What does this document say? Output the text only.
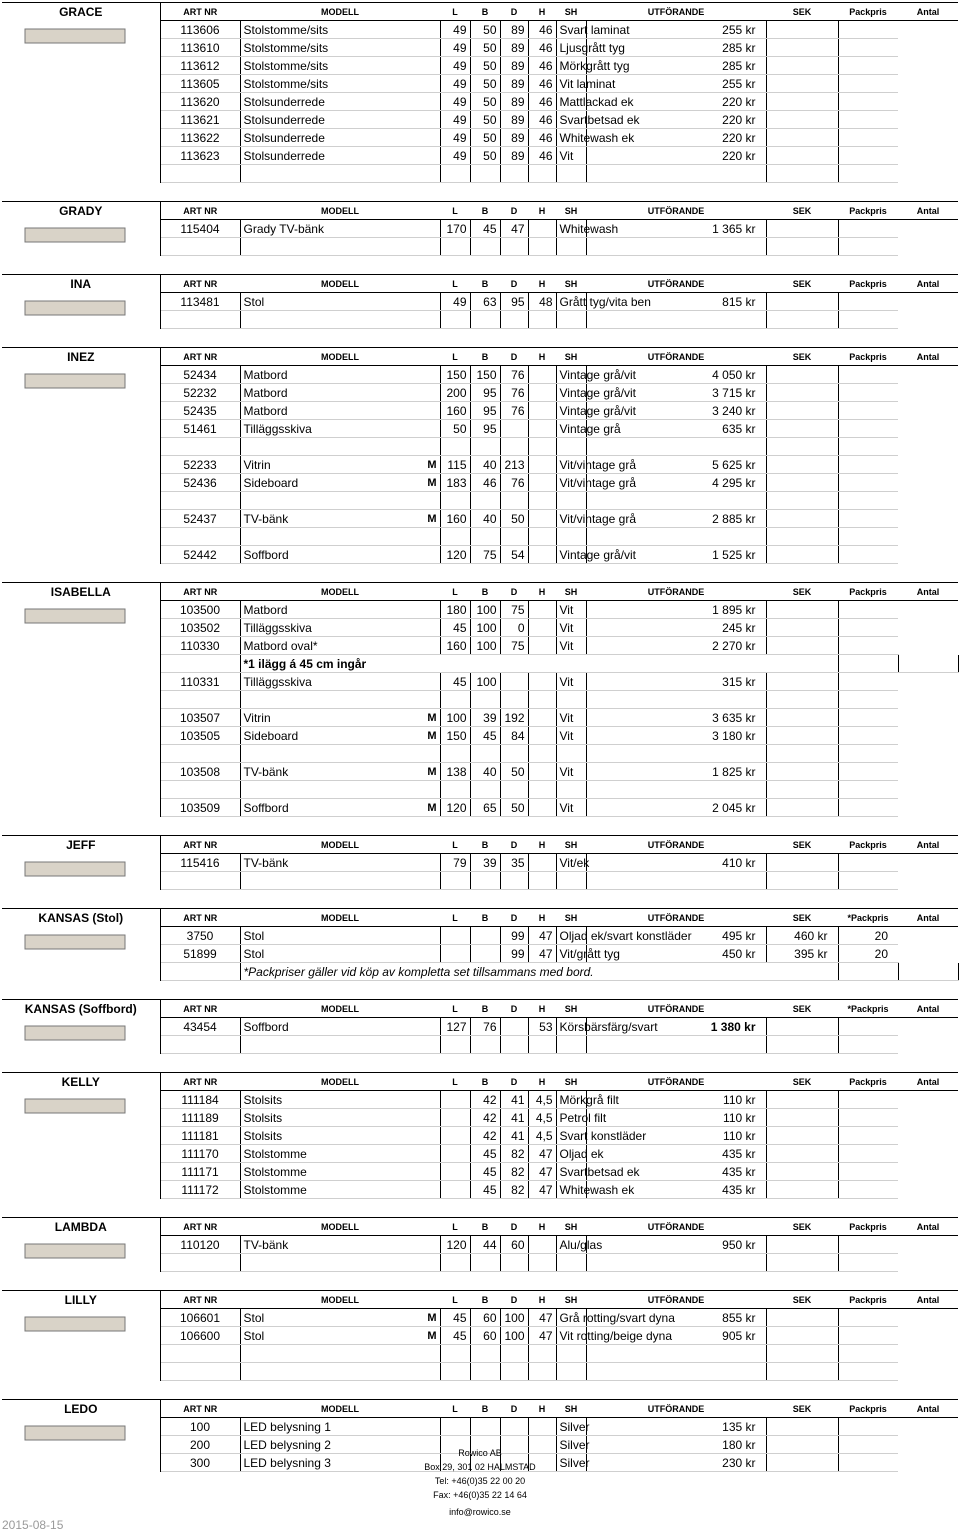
GRACE	ART NR	MODELL	L	B	D	H	SH	UTFÖRANDE	SEK	Packpris	Antal
	113606	Stolstomme/sits	49	50	89	46	Svart laminat	255 kr			
	113610	Stolstomme/sits	49	50	89	46	Ljusgrått tyg	285 kr			
	113612	Stolstomme/sits	49	50	89	46	Mörkgrått tyg	285 kr			
	113605	Stolstomme/sits	49	50	89	46	Vit laminat	255 kr			
	113620	Stolsunderrede	49	50	89	46	Mattlackad ek	220 kr			
	113621	Stolsunderrede	49	50	89	46	Svartbetsad ek	220 kr			
	113622	Stolsunderrede	49	50	89	46	Whitewash ek	220 kr			
	113623	Stolsunderrede	49	50	89	46	Vit	220 kr			

GRADY	ART NR	MODELL	L	B	D	H	SH	UTFÖRANDE	SEK	Packpris	Antal
	115404	Grady TV-bänk	170	45	47		Whitewash	1 365 kr			

INA	ART NR	MODELL	L	B	D	H	SH	UTFÖRANDE	SEK	Packpris	Antal
	113481	Stol	49	63	95	48	Grått tyg/vita ben	815 kr			

INEZ	ART NR	MODELL	L	B	D	H	SH	UTFÖRANDE	SEK	Packpris	Antal
	52434	Matbord	150	150	76		Vintage grå/vit	4 050 kr			
	52232	Matbord	200	95	76		Vintage grå/vit	3 715 kr			
	52435	Matbord	160	95	76		Vintage grå/vit	3 240 kr			
	51461	Tilläggsskiva	50	95			Vintage grå	635 kr			

	52233	Vitrin M	115	40	213		Vit/vintage grå	5 625 kr			
	52436	Sideboard M	183	46	76		Vit/vintage grå	4 295 kr			

	52437	TV-bänk M	160	40	50		Vit/vintage grå	2 885 kr			

	52442	Soffbord	120	75	54		Vintage grå/vit	1 525 kr			
ISABELLA	ART NR	MODELL	L	B	D	H	SH	UTFÖRANDE	SEK	Packpris	Antal	
	103500	Matbord	180	100	75		Vit	1 895 kr				
	103502	Tilläggsskiva	45	100	0		Vit	245 kr				
	110330	Matbord oval*	160	100	75		Vit	2 270 kr				
		*1 ilägg á 45 cm ingår										
	110331	Tilläggsskiva	45	100			Vit	315 kr				

	103507	Vitrin M	100	39	192		Vit	3 635 kr				
	103505	Sideboard M	150	45	84		Vit	3 180 kr				

	103508	TV-bänk M	138	40	50		Vit	1 825 kr				

	103509	Soffbord M	120	65	50		Vit	2 045 kr				
JEFF	ART NR	MODELL	L	B	D	H	SH	UTFÖRANDE	SEK	Packpris	Antal
	115416	TV-bänk	79	39	35		Vit/ek	410 kr			

KANSAS (Stol)	ART NR	MODELL	L	B	D	H	SH	UTFÖRANDE	SEK	*Packpris	Antal	
	3750	Stol			99	47	Oljad ek/svart konstläder	495 kr	460 kr	20		
	51899	Stol			99	47	Vit/grått tyg	450 kr	395 kr	20		
		*Packpriser gäller vid köp av kompletta set tillsammans med bord.										
KANSAS (Soffbord)	ART NR	MODELL	L	B	D	H	SH	UTFÖRANDE	SEK	*Packpris	Antal
	43454	Soffbord	127	76		53	Körsbärsfärg/svart	1 380 kr			

KELLY	ART NR	MODELL	L	B	D	H	SH	UTFÖRANDE	SEK	Packpris	Antal
	111184	Stolsits		42	41	4,5	Mörkgrå filt	110 kr			
	111189	Stolsits		42	41	4,5	Petrol filt	110 kr			
	111181	Stolsits		42	41	4,5	Svart konstläder	110 kr			
	111170	Stolstomme		45	82	47	Oljad ek	435 kr			
	111171	Stolstomme		45	82	47	Svartbetsad ek	435 kr			
	111172	Stolstomme		45	82	47	Whitewash ek	435 kr			
LAMBDA	ART NR	MODELL	L	B	D	H	SH	UTFÖRANDE	SEK	Packpris	Antal
	110120	TV-bänk	120	44	60		Alu/glas	950 kr			

LILLY	ART NR	MODELL	L	B	D	H	SH	UTFÖRANDE	SEK	Packpris	Antal
	106601	Stol M	45	60	100	47	Grå rotting/svart dyna	855 kr			
	106600	Stol M	45	60	100	47	Vit rotting/beige dyna	905 kr			

LEDO	ART NR	MODELL	L	B	D	H	SH	UTFÖRANDE	SEK	Packpris	Antal
	100	LED belysning 1					Silver	135 kr			
	200	LED belysning 2					Silver	180 kr			
	300	LED belysning 3					Silver	230 kr			
Rowico AB
Box 29, 301 02 HALMSTAD
Tel: +46(0)35 22 00 20
Fax: +46(0)35 22 14 64
info@rowico.se
2015-08-15
